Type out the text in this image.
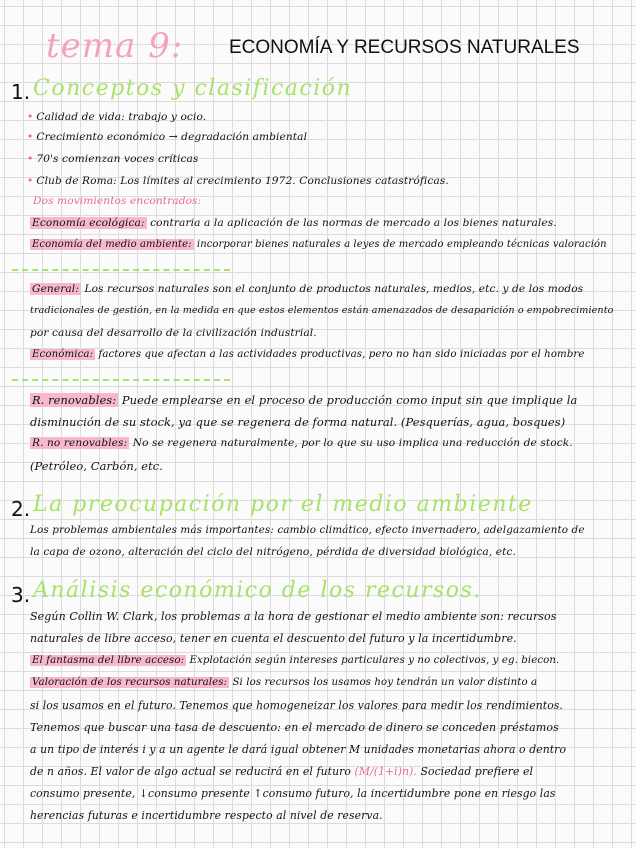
tema 9: ECONOMÍA Y RECURSOS NATURALES
1. Conceptos y clasificación
• Calidad de vida: trabajo y ocio.
• Crecimiento económico → degradación ambiental
• 70's comienzan voces críticas
• Club de Roma: Los límites al crecimiento 1972. Conclusiones catastróficas.
Dos movimientos encontrados:
Economía ecológica: contraria a la aplicación de las normas de mercado a los bienes naturales.
Economía del medio ambiente: incorporar bienes naturales a leyes de mercado empleando técnicas valoración
General: Los recursos naturales son el conjunto de productos naturales, medios, etc. y de los modos
tradicionales de gestión, en la medida en que estos elementos están amenazados de desaparición o empobrecimiento
por causa del desarrollo de la civilización industrial.
Económica: factores que afectan a las actividades productivas, pero no han sido iniciadas por el hombre
R. renovables: Puede emplearse en el proceso de producción como input sin que implique la
disminución de su stock, ya que se regenera de forma natural. (Pesquerías, agua, bosques)
R. no renovables: No se regenera naturalmente, por lo que su uso implica una reducción de stock.
(Petróleo, Carbón, etc.
2. La preocupación por el medio ambiente
Los problemas ambientales más importantes: cambio climático, efecto invernadero, adelgazamiento de
la capa de ozono, alteración del ciclo del nitrógeno, pérdida de diversidad biológica, etc.
3. Análisis económico de los recursos.
Según Collin W. Clark, los problemas a la hora de gestionar el medio ambiente son: recursos
naturales de libre acceso, tener en cuenta el descuento del futuro y la incertidumbre.
El fantasma del libre acceso: Explotación según intereses particulares y no colectivos, y eg. biecon.
Valoración de los recursos naturales: Si los recursos los usamos hoy tendrán un valor distinto a
si los usamos en el futuro. Tenemos que homogeneizar los valores para medir los rendimientos.
Tenemos que buscar una tasa de descuento: en el mercado de dinero se conceden préstamos
a un tipo de interés i y a un agente le dará igual obtener M unidades monetarias ahora o dentro
de n años. El valor de algo actual se reducirá en el futuro (M/(1+i)n). Sociedad prefiere el
consumo presente, ↓consumo presente ↑consumo futuro, la incertidumbre pone en riesgo las
herencias futuras e incertidumbre respecto al nivel de reserva.
